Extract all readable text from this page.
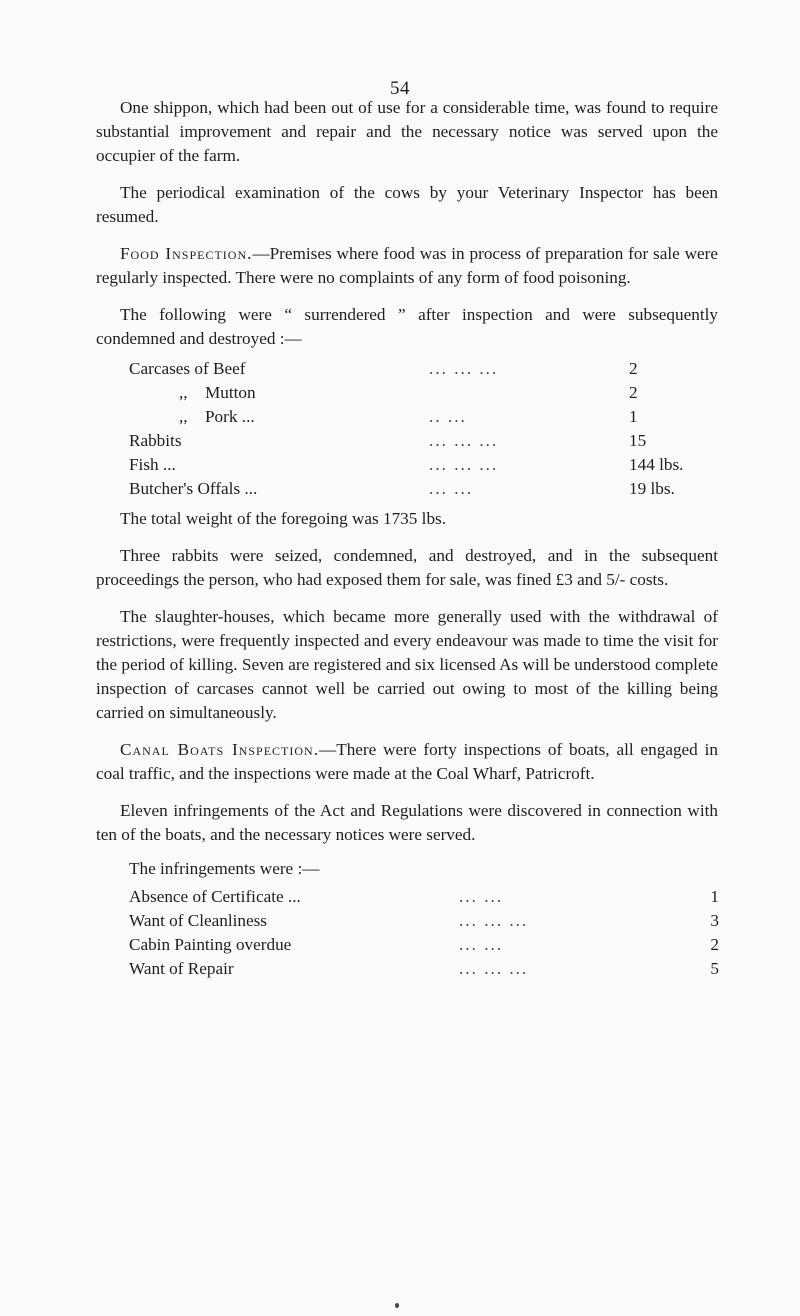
54

One shippon, which had been out of use for a considerable time, was found to require substantial improvement and repair and the necessary notice was served upon the occupier of the farm.

The periodical examination of the cows by your Veterinary Inspector has been resumed.

Food Inspection.—Premises where food was in process of preparation for sale were regularly inspected. There were no complaints of any form of food poisoning.

The following were “ surrendered ” after inspection and were subsequently condemned and destroyed :—

Carcases of Beef	... ... ...	2
,, Mutton	2
,, Pork ...	.. ...	1
Rabbits	... ... ...	15
Fish ...	... ... ...	144 lbs.
Butcher's Offals ...	... ...	19 lbs.

The total weight of the foregoing was 1735 lbs.

Three rabbits were seized, condemned, and destroyed, and in the subsequent proceedings the person, who had exposed them for sale, was fined £3 and 5/- costs.

The slaughter-houses, which became more generally used with the withdrawal of restrictions, were frequently inspected and every endeavour was made to time the visit for the period of killing. Seven are registered and six licensed As will be understood complete inspection of carcases cannot well be carried out owing to most of the killing being carried on simultaneously.

Canal Boats Inspection.—There were forty inspections of boats, all engaged in coal traffic, and the inspections were made at the Coal Wharf, Patricroft.

Eleven infringements of the Act and Regulations were discovered in connection with ten of the boats, and the necessary notices were served.

The infringements were :—
Absence of Certificate ...	... ...	1
Want of Cleanliness	... ... ...	3
Cabin Painting overdue	... ...	2
Want of Repair	... ... ...	5
